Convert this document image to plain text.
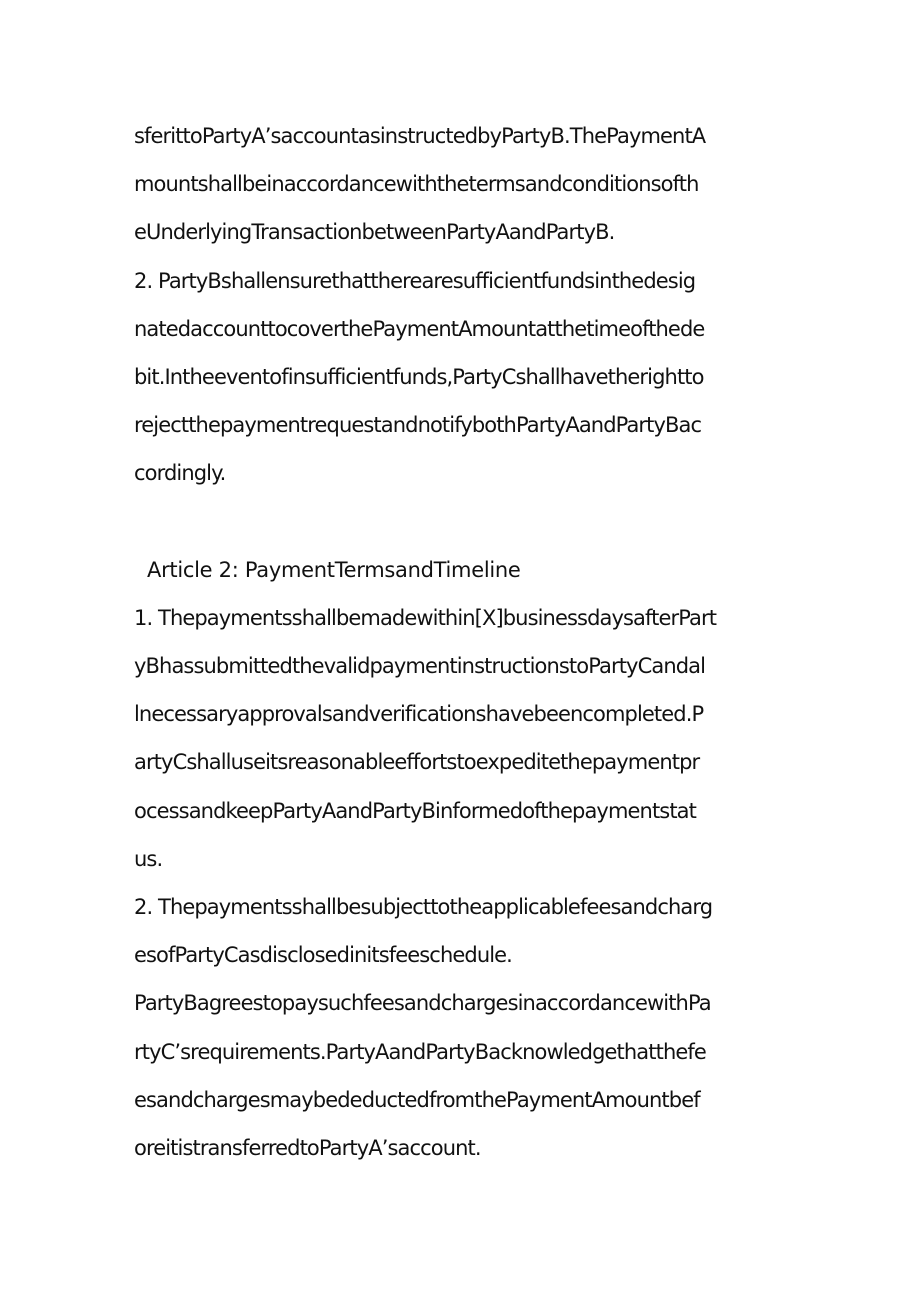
sferittoPartyA’saccountasinstructedbyPartyB.ThePaymentA
mountshallbeinaccordancewiththetermsandconditionsofth
eUnderlyingTransactionbetweenPartyAandPartyB.
2. PartyBshallensurethattherearesufficientfundsinthedesig
natedaccounttocoverthePaymentAmountatthetimeofthede
bit.Intheeventofinsufficientfunds,PartyCshallhavetherightto
rejectthepaymentrequestandnotifybothPartyAandPartyBac
cordingly.
Article 2: PaymentTermsandTimeline
1. Thepaymentsshallbemadewithin[X]businessdaysafterPart
yBhassubmittedthevalidpaymentinstructionstoPartyCandal
lnecessaryapprovalsandverificationshavebeencompleted.P
artyCshalluseitsreasonableeffortstoexpeditethepaymentpr
ocessandkeepPartyAandPartyBinformedofthepaymentstat
us.
2. Thepaymentsshallbesubjecttotheapplicablefeesandcharg
esofPartyCasdisclosedinitsfeeschedule.
PartyBagreestopaysuchfeesandchargesinaccordancewithPa
rtyC’srequirements.PartyAandPartyBacknowledgethatthefe
esandchargesmaybedeductedfromthePaymentAmountbef
oreitistransferredtoPartyA’saccount.
